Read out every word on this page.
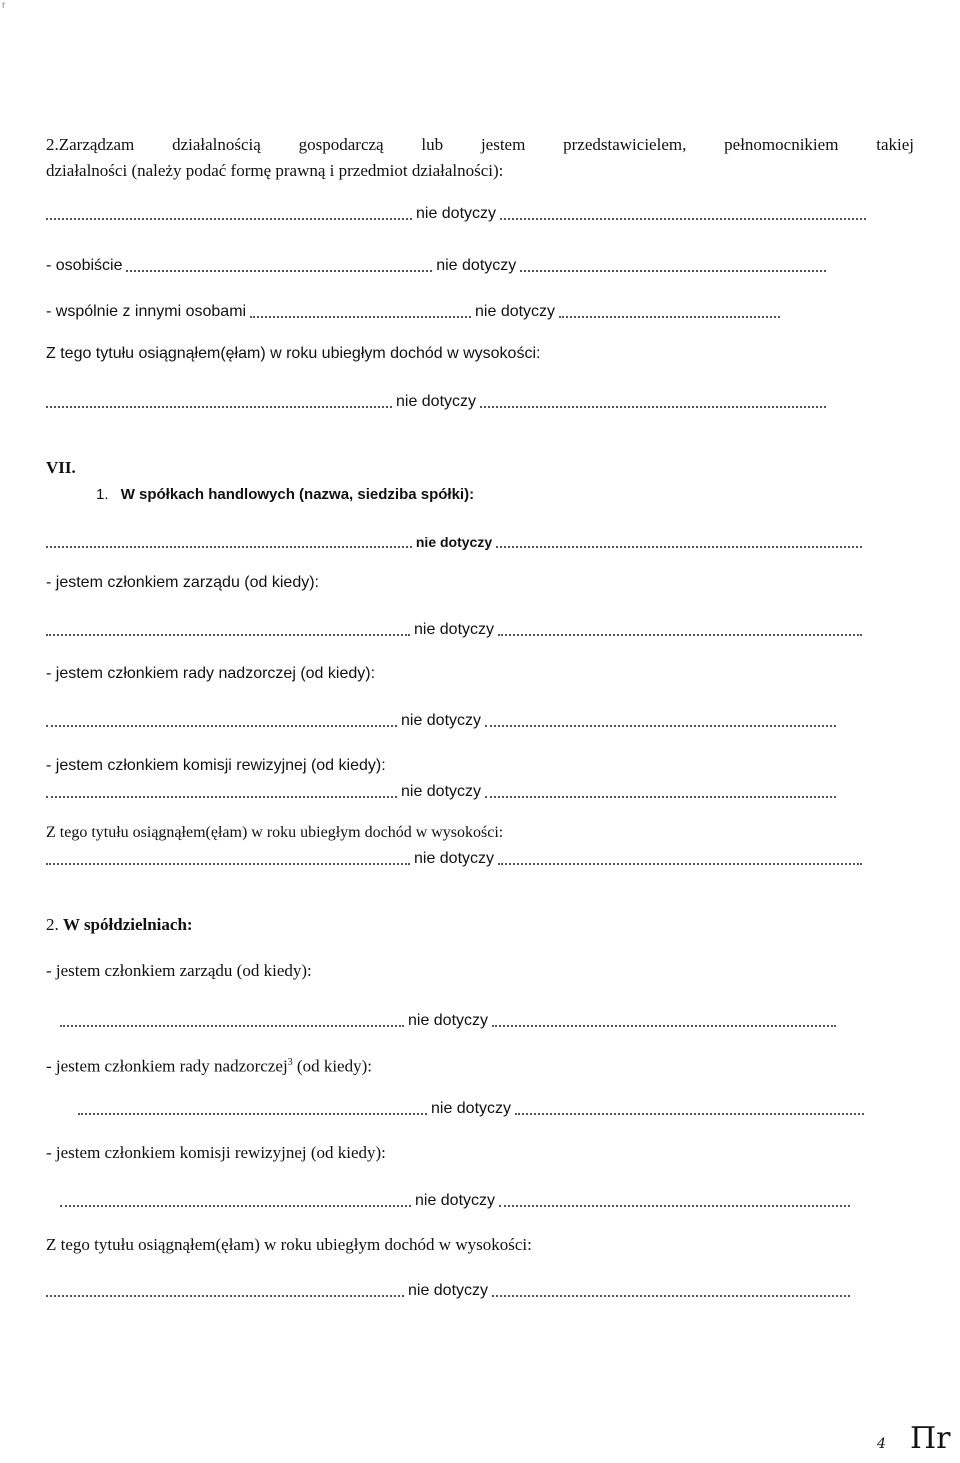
r
2.Zarządzam działalnością gospodarczą lub jestem przedstawicielem, pełnomocnikiem takiej
działalności (należy podać formę prawną i przedmiot działalności):
nie dotyczy
- osobiście	nie dotyczy
- wspólnie z innymi osobami	nie dotyczy
Z tego tytułu osiągnąłem(ęłam) w roku ubiegłym dochód w wysokości:
nie dotyczy
VII.
1. W spółkach handlowych (nazwa, siedziba spółki):
nie dotyczy
- jestem członkiem zarządu (od kiedy):
nie dotyczy
- jestem członkiem rady nadzorczej (od kiedy):
nie dotyczy
- jestem członkiem komisji rewizyjnej (od kiedy):
nie dotyczy
Z tego tytułu osiągnąłem(ęłam) w roku ubiegłym dochód w wysokości:
nie dotyczy
2. W spółdzielniach:
- jestem członkiem zarządu (od kiedy):
nie dotyczy
- jestem członkiem rady nadzorczej$^3$ (od kiedy):
nie dotyczy
- jestem członkiem komisji rewizyjnej (od kiedy):
nie dotyczy
Z tego tytułu osiągnąłem(ęłam) w roku ubiegłym dochód w wysokości:
nie dotyczy
4 Пr
